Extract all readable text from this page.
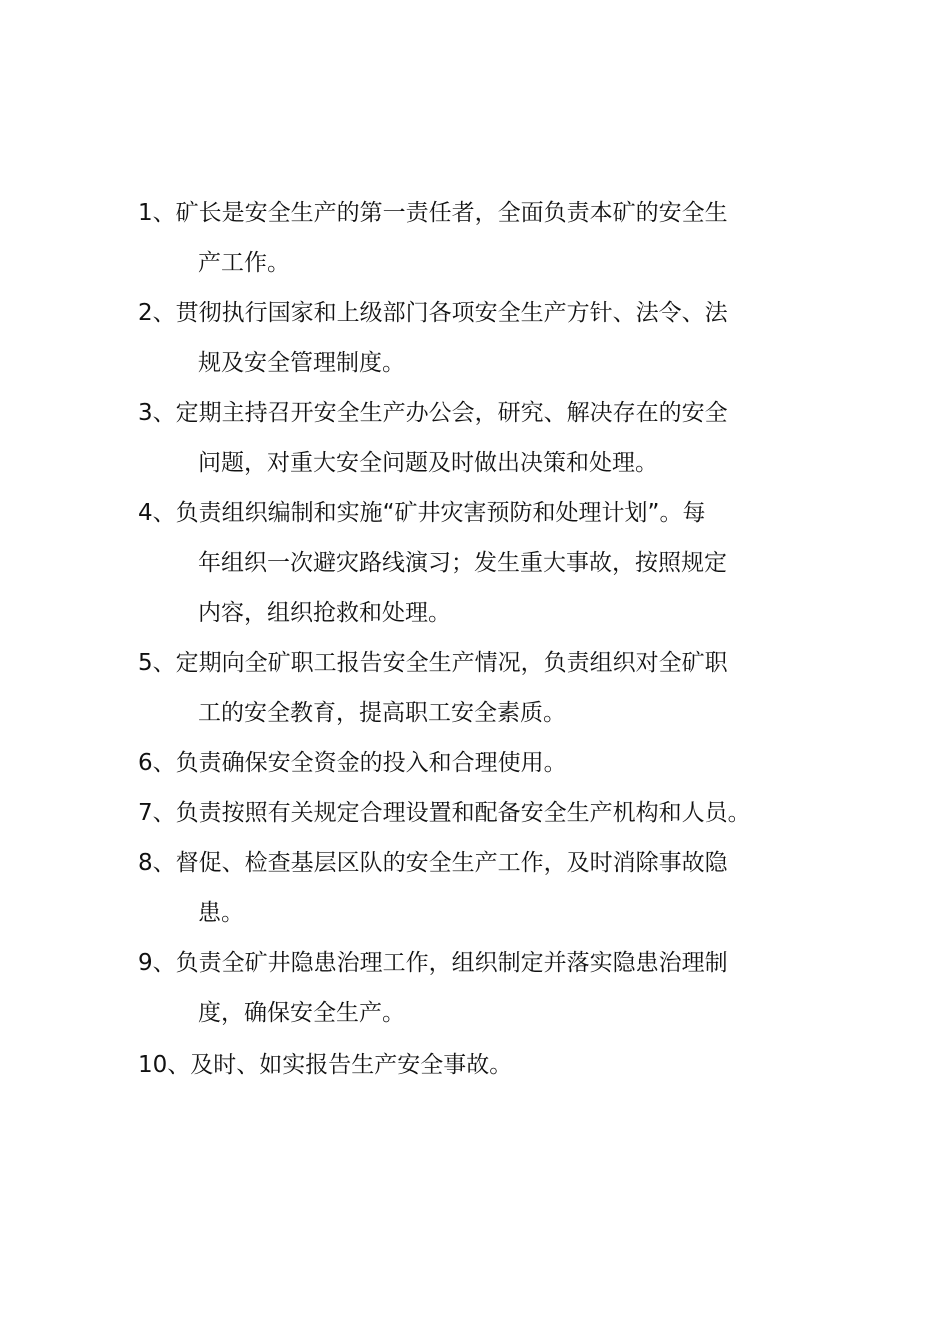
1、矿长是安全生产的第一责任者，全面负责本矿的安全生
产工作。
2、贯彻执行国家和上级部门各项安全生产方针、法令、法
规及安全管理制度。
3、定期主持召开安全生产办公会，研究、解决存在的安全
问题，对重大安全问题及时做出决策和处理。
4、负责组织编制和实施“矿井灾害预防和处理计划”。每
年组织一次避灾路线演习；发生重大事故，按照规定
内容，组织抢救和处理。
5、定期向全矿职工报告安全生产情况，负责组织对全矿职
工的安全教育，提高职工安全素质。
6、负责确保安全资金的投入和合理使用。
7、负责按照有关规定合理设置和配备安全生产机构和人员。
8、督促、检查基层区队的安全生产工作，及时消除事故隐
患。
9、负责全矿井隐患治理工作，组织制定并落实隐患治理制
度，确保安全生产。
10、及时、如实报告生产安全事故。
